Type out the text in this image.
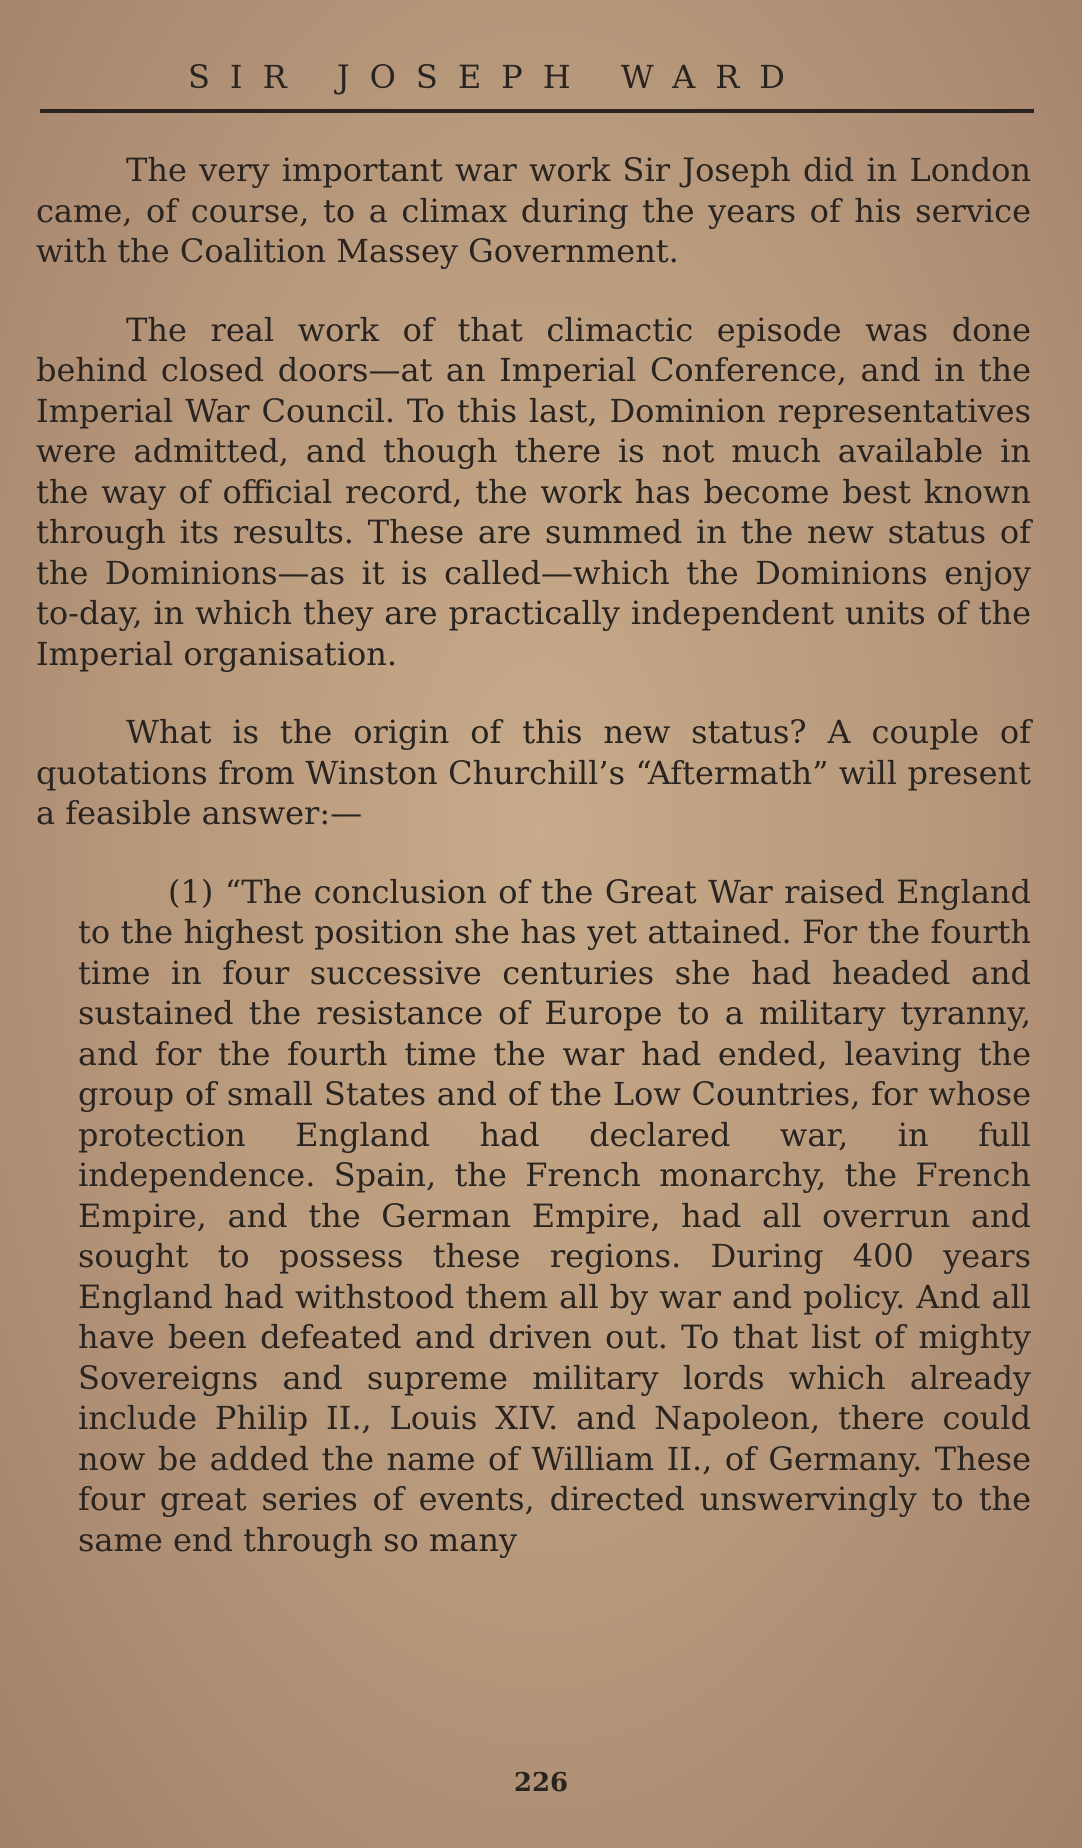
SIR JOSEPH WARD

The very important war work Sir Joseph did in London came, of course, to a climax during the years of his service with the Coalition Massey Government.

The real work of that climactic episode was done behind closed doors—at an Imperial Conference, and in the Imperial War Council. To this last, Dominion representatives were admitted, and though there is not much available in the way of official record, the work has become best known through its results. These are summed in the new status of the Dominions—as it is called—which the Dominions enjoy to-day, in which they are practically independent units of the Imperial organisation.

What is the origin of this new status? A couple of quotations from Winston Churchill’s “Aftermath” will present a feasible answer:—

(1) “The conclusion of the Great War raised England to the highest position she has yet attained. For the fourth time in four successive centuries she had headed and sustained the resistance of Europe to a military tyranny, and for the fourth time the war had ended, leaving the group of small States and of the Low Countries, for whose protection England had declared war, in full independence. Spain, the French monarchy, the French Empire, and the German Empire, had all overrun and sought to possess these regions. During 400 years England had withstood them all by war and policy. And all have been defeated and driven out. To that list of mighty Sovereigns and supreme military lords which already include Philip II., Louis XIV. and Napoleon, there could now be added the name of William II., of Germany. These four great series of events, directed unswervingly to the same end through so many

226
